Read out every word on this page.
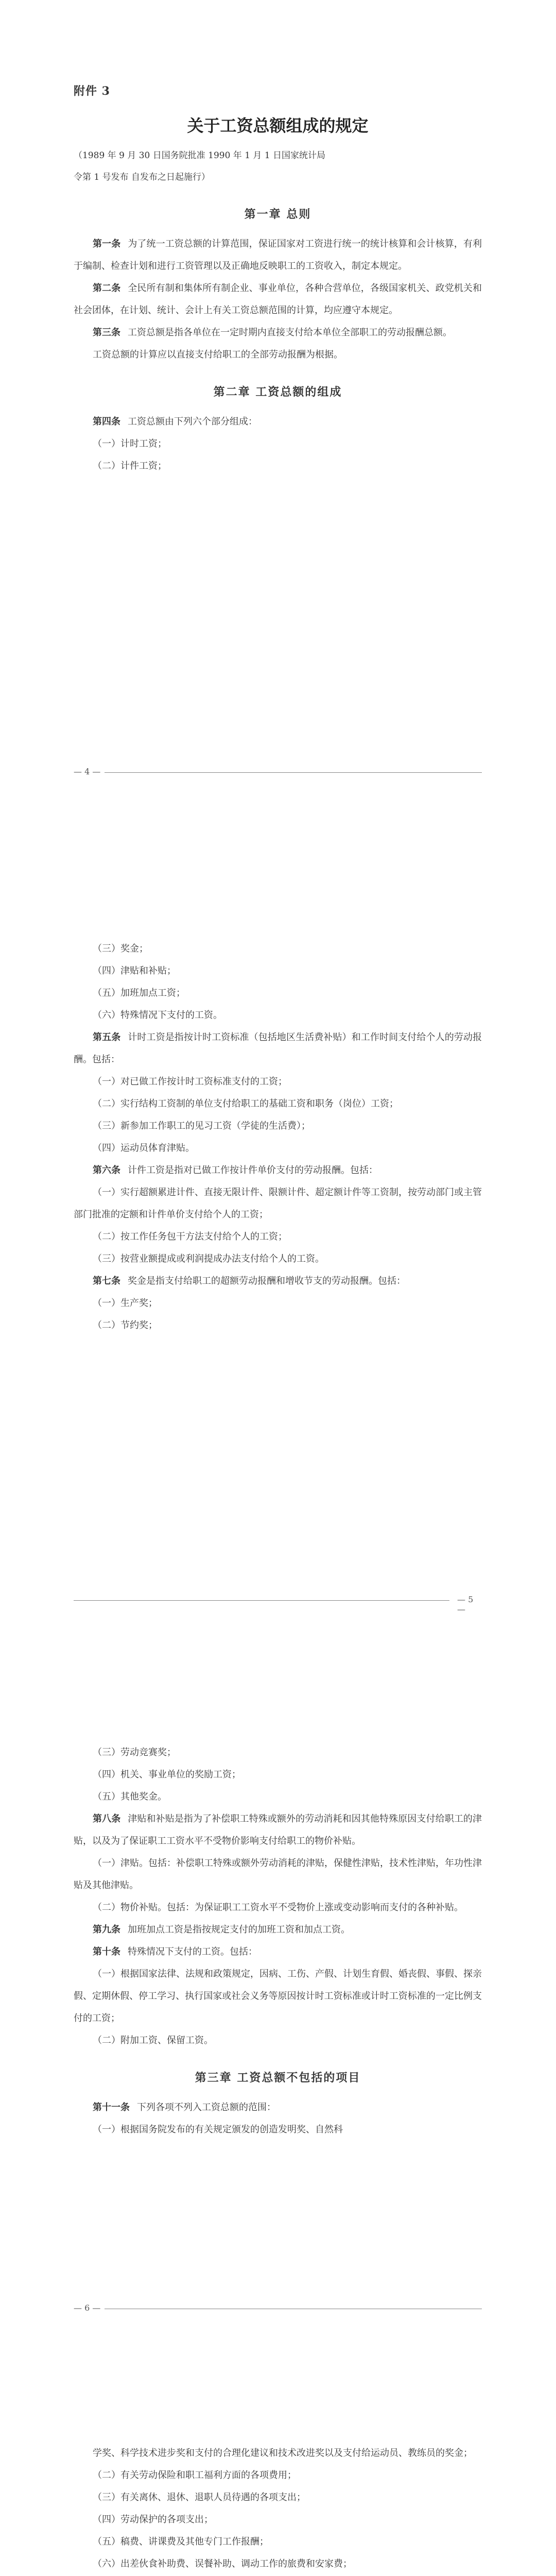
附件 3
关于工资总额组成的规定

（1989 年 9 月 30 日国务院批准 1990 年 1 月 1 日国家统计局

令第 1 号发布 自发布之日起施行）

第一章 总则

第一条 为了统一工资总额的计算范围，保证国家对工资进行统一的统计核算和会计核算，有利于编制、检查计划和进行工资管理以及正确地反映职工的工资收入，制定本规定。

第二条 全民所有制和集体所有制企业、事业单位，各种合营单位，各级国家机关、政党机关和社会团体，在计划、统计、会计上有关工资总额范围的计算，均应遵守本规定。

第三条 工资总额是指各单位在一定时期内直接支付给本单位全部职工的劳动报酬总额。

工资总额的计算应以直接支付给职工的全部劳动报酬为根据。

第二章 工资总额的组成

第四条 工资总额由下列六个部分组成：

（一）计时工资；

（二）计件工资；

— 4 —

（三）奖金；

（四）津贴和补贴；

（五）加班加点工资；

（六）特殊情况下支付的工资。

第五条 计时工资是指按计时工资标准（包括地区生活费补贴）和工作时间支付给个人的劳动报酬。包括：

（一）对已做工作按计时工资标准支付的工资；

（二）实行结构工资制的单位支付给职工的基础工资和职务（岗位）工资；

（三）新参加工作职工的见习工资（学徒的生活费）；

（四）运动员体育津贴。

第六条 计件工资是指对已做工作按计件单价支付的劳动报酬。包括：

（一）实行超额累进计件、直接无限计件、限额计件、超定额计件等工资制，按劳动部门或主管部门批准的定额和计件单价支付给个人的工资；

（二）按工作任务包干方法支付给个人的工资；

（三）按营业额提成或利润提成办法支付给个人的工资。

第七条 奖金是指支付给职工的超额劳动报酬和增收节支的劳动报酬。包括：

（一）生产奖；

（二）节约奖；

— 5 —

（三）劳动竞赛奖；

（四）机关、事业单位的奖励工资；

（五）其他奖金。

第八条 津贴和补贴是指为了补偿职工特殊或额外的劳动消耗和因其他特殊原因支付给职工的津贴，以及为了保证职工工资水平不受物价影响支付给职工的物价补贴。

（一）津贴。包括：补偿职工特殊或额外劳动消耗的津贴，保健性津贴，技术性津贴，年功性津贴及其他津贴。

（二）物价补贴。包括：为保证职工工资水平不受物价上涨或变动影响而支付的各种补贴。

第九条 加班加点工资是指按规定支付的加班工资和加点工资。

第十条 特殊情况下支付的工资。包括：

（一）根据国家法律、法规和政策规定，因病、工伤、产假、计划生育假、婚丧假、事假、探亲假、定期休假、停工学习、执行国家或社会义务等原因按计时工资标准或计时工资标准的一定比例支付的工资；

（二）附加工资、保留工资。

第三章 工资总额不包括的项目

第十一条 下列各项不列入工资总额的范围：

（一）根据国务院发布的有关规定颁发的创造发明奖、自然科

— 6 —

学奖、科学技术进步奖和支付的合理化建议和技术改进奖以及支付给运动员、教练员的奖金；

（二）有关劳动保险和职工福利方面的各项费用；

（三）有关离休、退休、退职人员待遇的各项支出；

（四）劳动保护的各项支出；

（五）稿费、讲课费及其他专门工作报酬；

（六）出差伙食补助费、误餐补助、调动工作的旅费和安家费；
